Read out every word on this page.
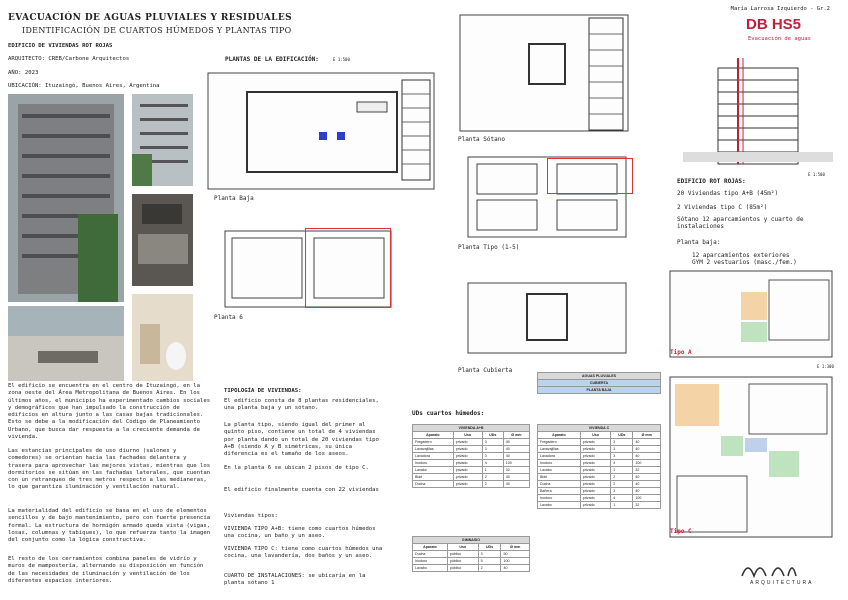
EVACUACIÓN DE AGUAS PLUVIALES Y RESIDUALES
IDENTIFICACIÓN DE CUARTOS HÚMEDOS Y PLANTAS TIPO
María Larrosa Izquierdo - Gr.2
DB HS5
Evacuación de aguas
EDIFICIO DE VIVIENDAS ROT ROJAS
ARQUITECTO: CREB/Carbone Arquitectos
AÑO: 2023
UBICACIÓN: Ituzaingó, Buenos Aires, Argentina
El edificio se encuentra en el centro de Ituzaingó, en la zona oeste del Área Metropolitana de Buenos Aires. En los últimos años, el municipio ha experimentado cambios sociales y demográficos que han impulsado la construcción de edificios en altura junto a las casas bajas tradicionales. Esto se debe a la modificación del Código de Planeamiento Urbano, que busca dar respuesta a la creciente demanda de vivienda.
Las estancias principales de uso diurno (salones y comedores) se orientan hacia las fachadas delantera y trasera para aprovechar las mejores vistas, mientras que los dormitorios se sitúan en las fachadas laterales, que cuentan con un retranqueo de tres metros respecto a las medianeras, lo que garantiza iluminación y ventilación natural.
La materialidad del edificio se basa en el uso de elementos sencillos y de bajo mantenimiento, pero con fuerte presencia formal. La estructura de hormigón armado queda vista (vigas, losas, columnas y tabiques), lo que refuerza tanto la imagen del conjunto como la lógica constructiva.
El resto de los cerramientos combina paneles de vidrio y muros de mampostería, alternando su disposición en función de las necesidades de iluminación y ventilación de los diferentes espacios interiores.
PLANTAS DE LA EDIFICACIÓN:	E 1:500
Planta Baja
Planta Sótano
Planta Tipo (1-5)
Planta 6
Planta Cubierta
E 1:500
EDIFICIO ROT ROJAS:
20 Viviendas tipo A+B (45m²)
2 Viviendas tipo C (85m²)
Sótano 12 aparcamientos y cuarto de instalaciones
Planta baja:
12 aparcamientos exteriores
GYM 2 vestuarios (masc./fem.)
Tipo A
E 1:300
Tipo C
TIPOLOGÍA DE VIVIENDAS:
El edificio consta de 8 plantas residenciales, una planta baja y un sótano.
La planta tipo, siendo igual del primer al quinto piso, contiene un total de 4 viviendas por planta dando un total de 20 viviendas tipo A+B (siendo A y B simétricas, su única diferencia es el tamaño de los aseos.
En la planta 6 se ubican 2 pisos de tipo C.
El edificio finalmente cuenta con 22 viviendas
Viviendas tipos:
VIVIENDA TIPO A+B: tiene como cuartos húmedos una cocina, un baño y un aseo.
VIVIENDA TIPO C: tiene como cuartos húmedos una cocina, una lavandería, dos baños y un aseo.
CUARTO DE INSTALACIONES: se ubicaría en la planta sótano 1
UDs cuartos húmedos:
AGUAS PLUVIALES
CUBIERTA
PLANTA BAJA
VIVIENDA A+B			
Aparato	Uso	UDs	Ø mm
Fregadero	privado	3	40
Lavavajillas	privado	3	40
Lavadora	privado	3	40
Inodoro	privado	4	100
Lavabo	privado	1	32
Bidé	privado	2	40
Ducha	privado	2	40
GIMNASIO			
Aparato	Uso	UDs	Ø mm
Ducha	público	3	50
Inodoro	público	5	100
Lavabo	público	2	40
VIVIENDA C			
Aparato	Uso	UDs	Ø mm
Fregadero	privado	3	40
Lavavajillas	privado	3	40
Lavadora	privado	3	40
Inodoro	privado	4	100
Lavabo	privado	1	32
Bidé	privado	2	40
Ducha	privado	2	40
Bañera	privado	3	40
Inodoro	privado	4	100
Lavabo	privado	1	32
ARQUITECTURA
